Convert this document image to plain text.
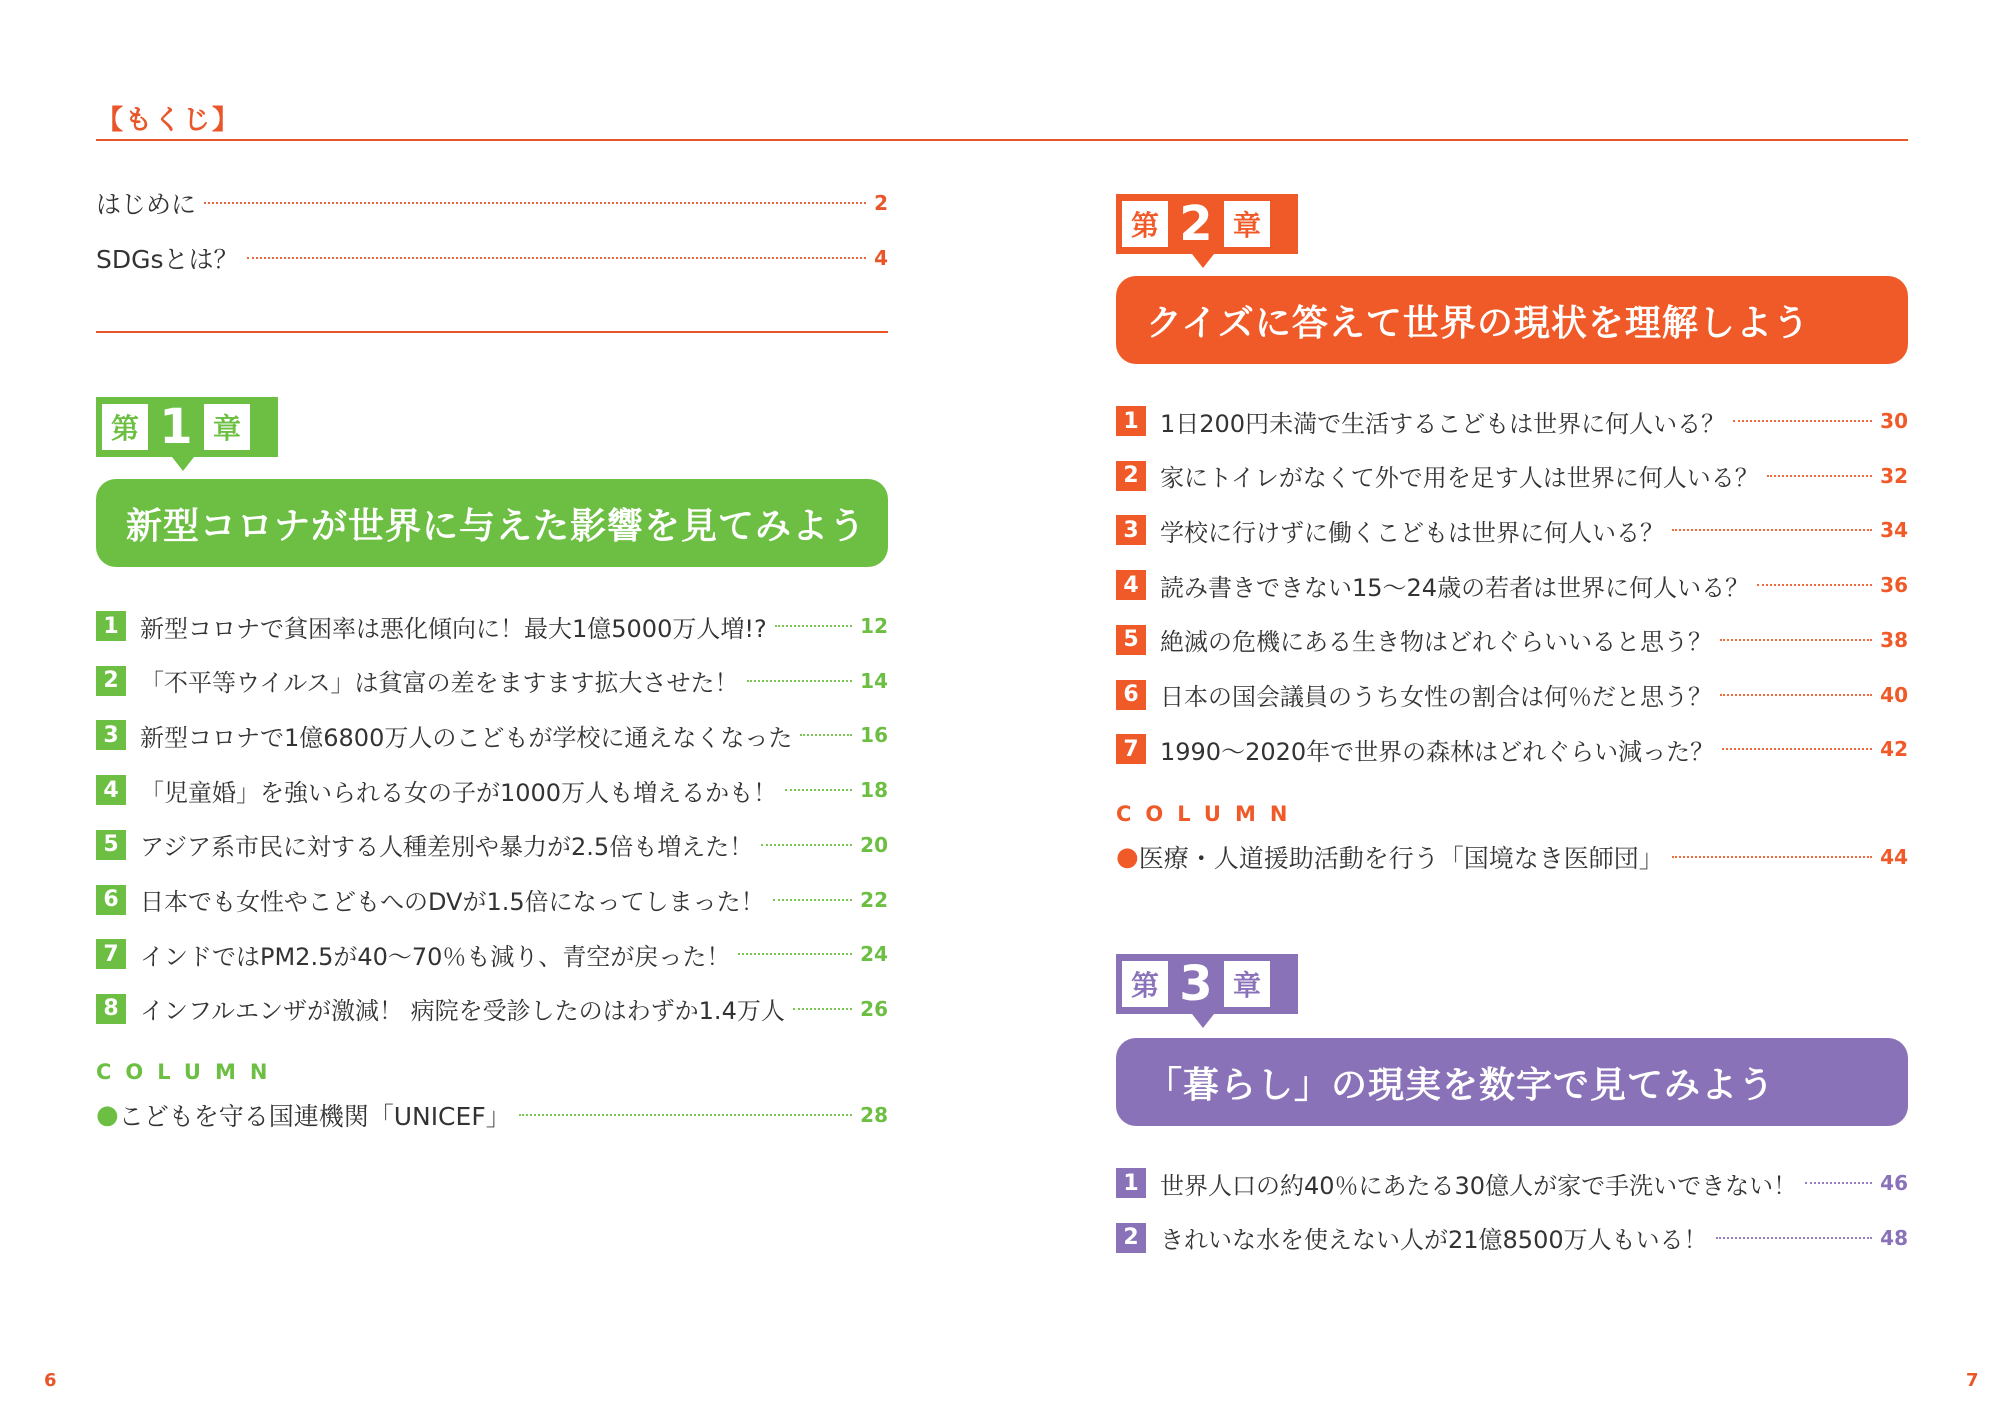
【もくじ】
はじめに	2
SDGsとは？	4
第 1 章
新型コロナが世界に与えた影響を見てみよう
1 新型コロナで貧困率は悪化傾向に！最大1億5000万人増!?	12
2 「不平等ウイルス」は貧富の差をますます拡大させた！	14
3 新型コロナで1億6800万人のこどもが学校に通えなくなった	16
4 「児童婚」を強いられる女の子が1000万人も増えるかも！	18
5 アジア系市民に対する人種差別や暴力が2.5倍も増えた！	20
6 日本でも女性やこどもへのDVが1.5倍になってしまった！	22
7 インドではPM2.5が40〜70％も減り、青空が戻った！	24
8 インフルエンザが激減！ 病院を受診したのはわずか1.4万人	26
COLUMN
● こどもを守る国連機関「UNICEF」	28
第 2 章
クイズに答えて世界の現状を理解しよう
1 1日200円未満で生活するこどもは世界に何人いる？	30
2 家にトイレがなくて外で用を足す人は世界に何人いる？	32
3 学校に行けずに働くこどもは世界に何人いる？	34
4 読み書きできない15〜24歳の若者は世界に何人いる？	36
5 絶滅の危機にある生き物はどれぐらいいると思う？	38
6 日本の国会議員のうち女性の割合は何％だと思う？	40
7 1990〜2020年で世界の森林はどれぐらい減った？	42
COLUMN
● 医療・人道援助活動を行う「国境なき医師団」	44
第 3 章
「暮らし」の現実を数字で見てみよう
1 世界人口の約40％にあたる30億人が家で手洗いできない！	46
2 きれいな水を使えない人が21億8500万人もいる！	48
6	7
